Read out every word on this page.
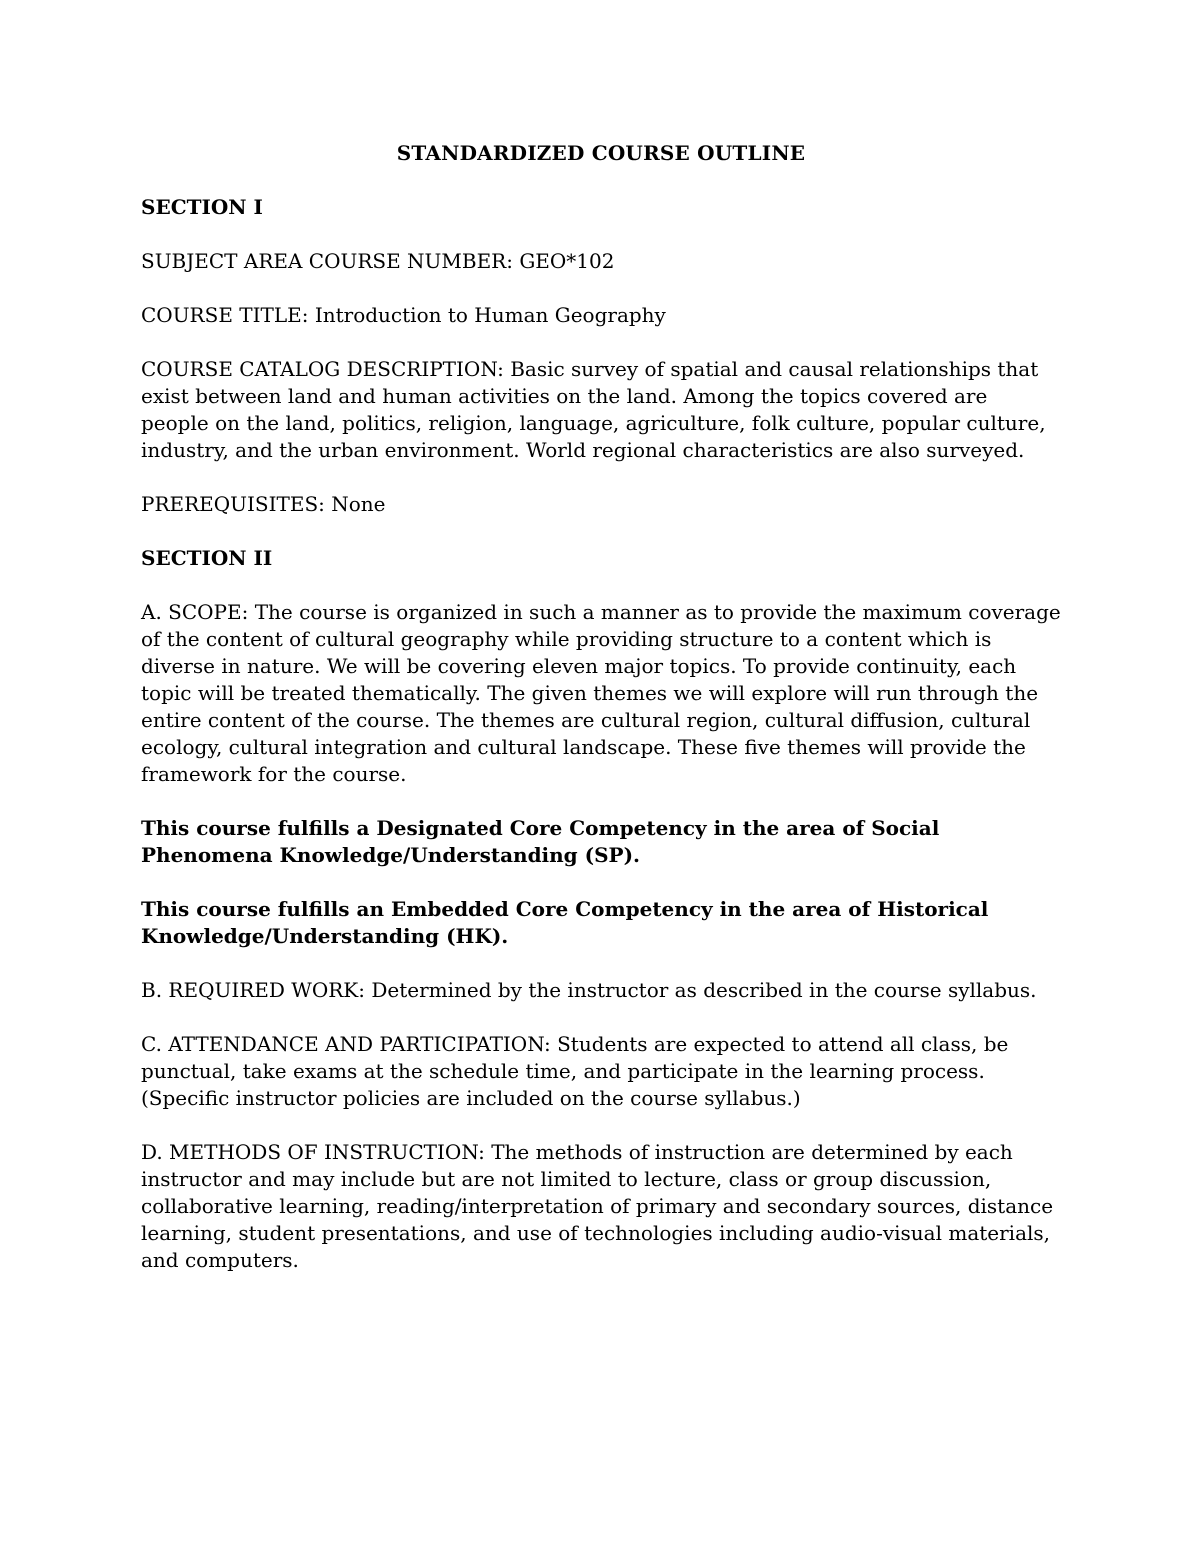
STANDARDIZED COURSE OUTLINE
SECTION I

SUBJECT AREA COURSE NUMBER: GEO*102

COURSE TITLE: Introduction to Human Geography

COURSE CATALOG DESCRIPTION: Basic survey of spatial and causal relationships that exist between land and human activities on the land. Among the topics covered are people on the land, politics, religion, language, agriculture, folk culture, popular culture, industry, and the urban environment. World regional characteristics are also surveyed.

PREREQUISITES: None

SECTION II

A. SCOPE: The course is organized in such a manner as to provide the maximum coverage of the content of cultural geography while providing structure to a content which is diverse in nature. We will be covering eleven major topics. To provide continuity, each topic will be treated thematically. The given themes we will explore will run through the entire content of the course. The themes are cultural region, cultural diffusion, cultural ecology, cultural integration and cultural landscape. These five themes will provide the framework for the course.

This course fulfills a Designated Core Competency in the area of Social Phenomena Knowledge/Understanding (SP).

This course fulfills an Embedded Core Competency in the area of Historical Knowledge/Understanding (HK).

B. REQUIRED WORK: Determined by the instructor as described in the course syllabus.

C. ATTENDANCE AND PARTICIPATION: Students are expected to attend all class, be punctual, take exams at the schedule time, and participate in the learning process. (Specific instructor policies are included on the course syllabus.)

D. METHODS OF INSTRUCTION: The methods of instruction are determined by each instructor and may include but are not limited to lecture, class or group discussion, collaborative learning, reading/interpretation of primary and secondary sources, distance learning, student presentations, and use of technologies including audio-visual materials, and computers.
